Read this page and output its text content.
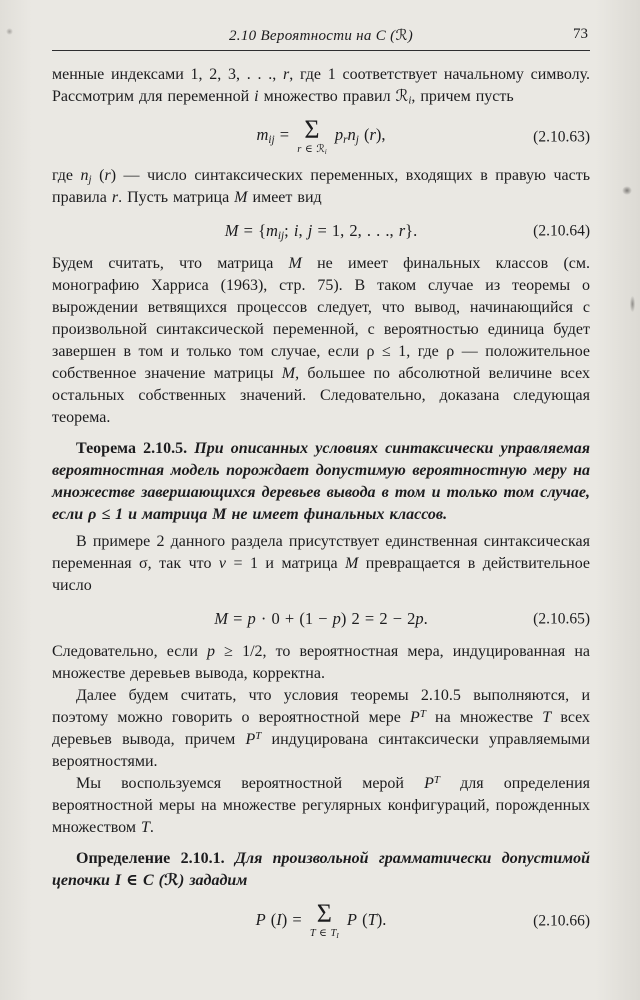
2.10 Вероятности на C (ℛ)	73

менные индексами 1, 2, 3, . . ., r, где 1 соответствует начальному символу. Рассмотрим для переменной i множество правил ℛ$_i$, причем пусть

$m_{ij} = \Sigma$
r ∈ ℛ$_i$
$p_rn_j$ (r),	(2.10.63)

где $n_j$ (r) — число синтаксических переменных, входящих в правую часть правила r. Пусть матрица M имеет вид

$M = \{m_{ij}$; i, j = 1, 2, . . ., r}.	(2.10.64)

Будем считать, что матрица M не имеет финальных классов (см. монографию Харриса (1963), стр. 75). В таком случае из теоремы о вырождении ветвящихся процессов следует, что вывод, начинающийся с произвольной синтаксической переменной, с вероятностью единица будет завершен в том и только том случае, если ρ ≤ 1, где ρ — положительное собственное значение матрицы M, большее по абсолютной величине всех остальных собственных значений. Следовательно, доказана следующая теорема.

Теорема 2.10.5. При описанных условиях синтаксически управляемая вероятностная модель порождает допустимую вероятностную меру на множестве завершающихся деревьев вывода в том и только том случае, если ρ ≤ 1 и матрица M не имеет финальных классов.

В примере 2 данного раздела присутствует единственная синтаксическая переменная σ, так что v = 1 и матрица M превращается в действительное число

M = p · 0 + (1 − p) 2 = 2 − 2p.	(2.10.65)

Следовательно, если p ≥ 1/2, то вероятностная мера, индуцированная на множестве деревьев вывода, корректна.

Далее будем считать, что условия теоремы 2.10.5 выполняются, и поэтому можно говорить о вероятностной мере $P^T$ на множестве T всех деревьев вывода, причем $P^T$ индуцирована синтаксически управляемыми вероятностями.

Мы воспользуемся вероятностной мерой $P^T$ для определения вероятностной меры на множестве регулярных конфигураций, порожденных множеством T.

Определение 2.10.1. Для произвольной грамматически допустимой цепочки I ∈ C (ℛ) зададим

P (I) = Σ
T ∈ $T_I$
P (T).	(2.10.66)
